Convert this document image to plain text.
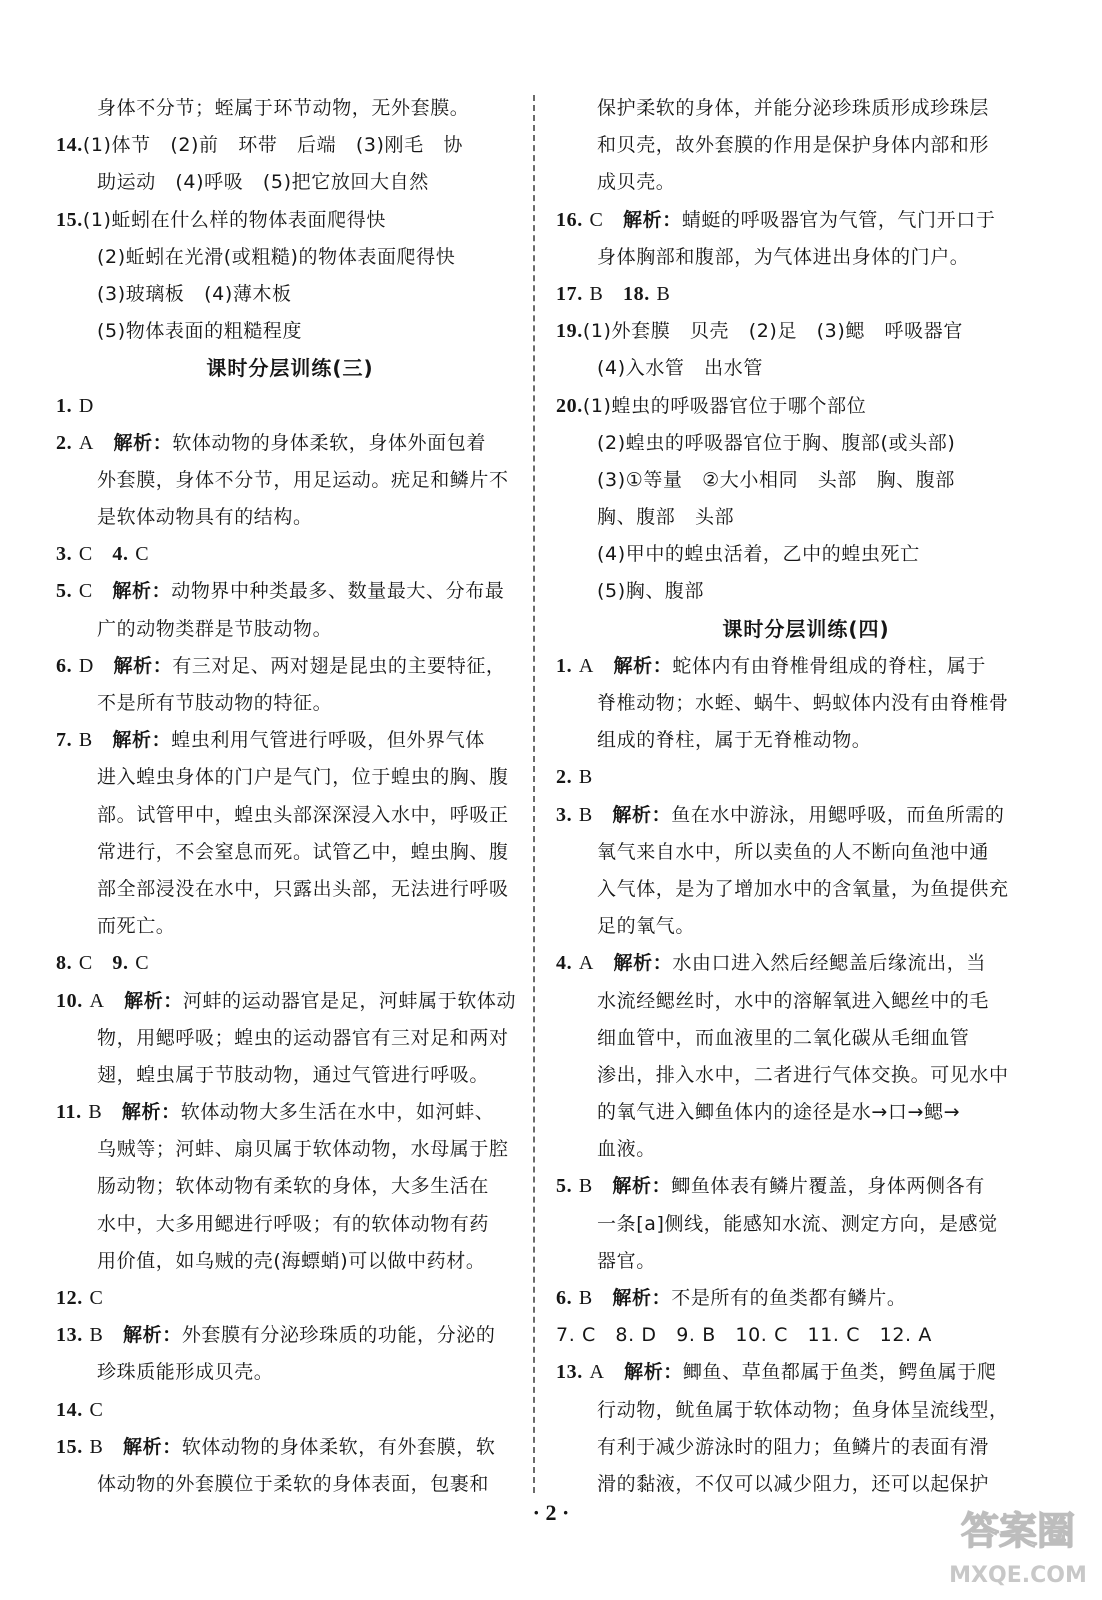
身体不分节；蛭属于环节动物，无外套膜。
14.(1)体节　(2)前　环带　后端　(3)刚毛　协
助运动　(4)呼吸　(5)把它放回大自然
15.(1)蚯蚓在什么样的物体表面爬得快
(2)蚯蚓在光滑(或粗糙)的物体表面爬得快
(3)玻璃板　(4)薄木板
(5)物体表面的粗糙程度
课时分层训练(三)
1. D
2. A　 解析：软体动物的身体柔软，身体外面包着
外套膜，身体不分节，用足运动。疣足和鳞片不
是软体动物具有的结构。
3. C　 4. C
5. C　 解析：动物界中种类最多、数量最大、分布最
广的动物类群是节肢动物。
6. D　 解析：有三对足、两对翅是昆虫的主要特征，
不是所有节肢动物的特征。
7. B　 解析：蝗虫利用气管进行呼吸，但外界气体
进入蝗虫身体的门户是气门，位于蝗虫的胸、腹
部。试管甲中，蝗虫头部深深浸入水中，呼吸正
常进行，不会窒息而死。试管乙中，蝗虫胸、腹
部全部浸没在水中，只露出头部，无法进行呼吸
而死亡。
8. C　 9. C
10. A　 解析：河蚌的运动器官是足，河蚌属于软体动
物，用鳃呼吸；蝗虫的运动器官有三对足和两对
翅，蝗虫属于节肢动物，通过气管进行呼吸。
11. B　 解析：软体动物大多生活在水中，如河蚌、
乌贼等；河蚌、扇贝属于软体动物，水母属于腔
肠动物；软体动物有柔软的身体，大多生活在
水中，大多用鳃进行呼吸；有的软体动物有药
用价值，如乌贼的壳(海螵蛸)可以做中药材。
12. C
13. B　 解析：外套膜有分泌珍珠质的功能，分泌的
珍珠质能形成贝壳。
14. C
15. B　 解析：软体动物的身体柔软，有外套膜，软
体动物的外套膜位于柔软的身体表面，包裹和
保护柔软的身体，并能分泌珍珠质形成珍珠层
和贝壳，故外套膜的作用是保护身体内部和形
成贝壳。
16. C　 解析：蜻蜓的呼吸器官为气管，气门开口于
身体胸部和腹部，为气体进出身体的门户。
17. B　 18. B
19.(1)外套膜　贝壳　(2)足　(3)鳃　呼吸器官
(4)入水管　出水管
20.(1)蝗虫的呼吸器官位于哪个部位
(2)蝗虫的呼吸器官位于胸、腹部(或头部)
(3)①等量　②大小相同　头部　胸、腹部
胸、腹部　头部
(4)甲中的蝗虫活着，乙中的蝗虫死亡
(5)胸、腹部
课时分层训练(四)
1. A　 解析：蛇体内有由脊椎骨组成的脊柱，属于
脊椎动物；水蛭、蜗牛、蚂蚁体内没有由脊椎骨
组成的脊柱，属于无脊椎动物。
2. B
3. B　 解析：鱼在水中游泳，用鳃呼吸，而鱼所需的
氧气来自水中，所以卖鱼的人不断向鱼池中通
入气体，是为了增加水中的含氧量，为鱼提供充
足的氧气。
4. A　 解析：水由口进入然后经鳃盖后缘流出，当
水流经鳃丝时，水中的溶解氧进入鳃丝中的毛
细血管中，而血液里的二氧化碳从毛细血管
渗出，排入水中，二者进行气体交换。可见水中
的氧气进入鲫鱼体内的途径是水→口→鳃→
血液。
5. B　 解析：鲫鱼体表有鳞片覆盖，身体两侧各有
一条[a]侧线，能感知水流、测定方向，是感觉
器官。
6. B　 解析：不是所有的鱼类都有鳞片。
7. C　8. D　9. B　10. C　11. C　12. A
13. A　 解析：鲫鱼、草鱼都属于鱼类，鳄鱼属于爬
行动物，鱿鱼属于软体动物；鱼身体呈流线型，
有利于减少游泳时的阻力；鱼鳞片的表面有滑
滑的黏液，不仅可以减少阻力，还可以起保护
· 2 ·	答案圈
MXQE.COM
